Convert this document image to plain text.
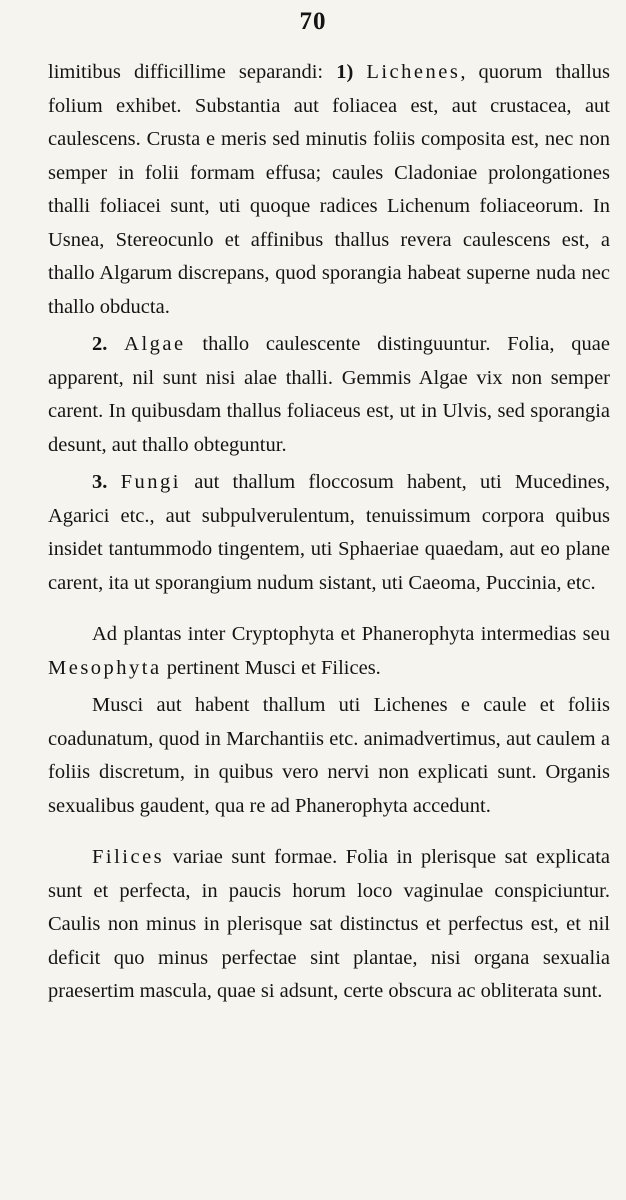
70

limitibus difficillime separandi: 1) Lichenes, quorum thallus folium exhibet. Substantia aut foliacea est, aut crustacea, aut caulescens. Crusta e meris sed minutis foliis composita est, nec non semper in folii formam effusa; caules Cladoniae prolongationes thalli foliacei sunt, uti quoque radices Lichenum foliaceorum. In Usnea, Stereocunlo et affinibus thallus revera caulescens est, a thallo Algarum discrepans, quod sporangia habeat superne nuda nec thallo obducta.

2. Algae thallo caulescente distinguuntur. Folia, quae apparent, nil sunt nisi alae thalli. Gemmis Algae vix non semper carent. In quibusdam thallus foliaceus est, ut in Ulvis, sed sporangia desunt, aut thallo obteguntur.

3. Fungi aut thallum floccosum habent, uti Mucedines, Agarici etc., aut subpulverulentum, tenuissimum corpora quibus insidet tantummodo tingentem, uti Sphaeriae quaedam, aut eo plane carent, ita ut sporangium nudum sistant, uti Caeoma, Puccinia, etc.

Ad plantas inter Cryptophyta et Phanerophyta intermedias seu Mesophyta pertinent Musci et Filices.

Musci aut habent thallum uti Lichenes e caule et foliis coadunatum, quod in Marchantiis etc. animadvertimus, aut caulem a foliis discretum, in quibus vero nervi non explicati sunt. Organis sexualibus gaudent, qua re ad Phanerophyta accedunt.

Filices variae sunt formae. Folia in plerisque sat explicata sunt et perfecta, in paucis horum loco vaginulae conspiciuntur. Caulis non minus in plerisque sat distinctus et perfectus est, et nil deficit quo minus perfectae sint plantae, nisi organa sexualia praesertim mascula, quae si adsunt, certe obscura ac obliterata sunt.
